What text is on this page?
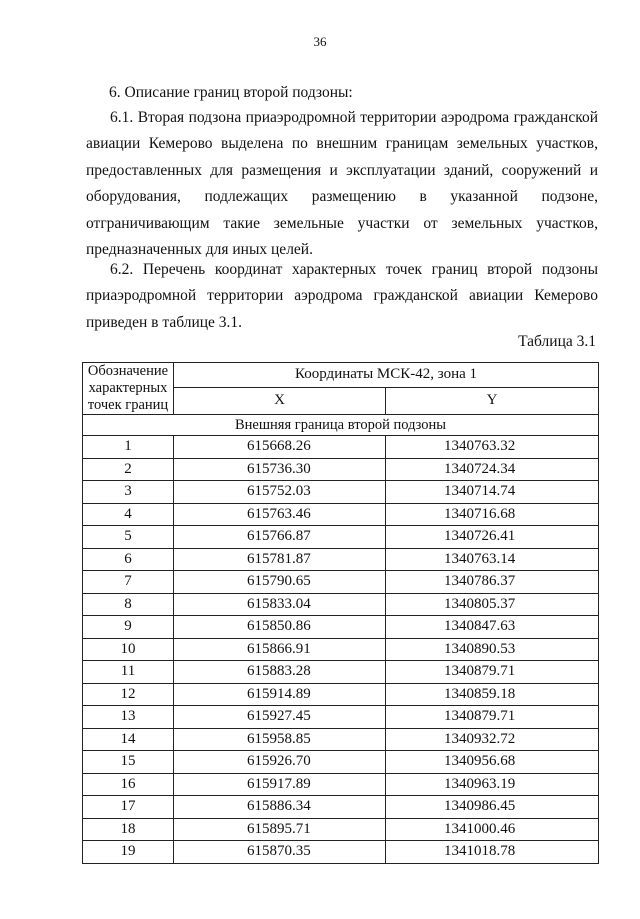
36
6. Описание границ второй подзоны:

6.1. Вторая подзона приаэродромной территории аэродрома гражданской авиации Кемерово выделена по внешним границам земельных участков, предоставленных для размещения и эксплуатации зданий, сооружений и оборудования, подлежащих размещению в указанной подзоне, отграничивающим такие земельные участки от земельных участков, предназначенных для иных целей.

6.2. Перечень координат характерных точек границ второй подзоны приаэродромной территории аэродрома гражданской авиации Кемерово приведен в таблице 3.1.

Таблица 3.1
Обозначение
характерных
точек границ	Координаты МСК-42, зона 1	
	X	Y
Внешняя граница второй подзоны		
1	615668.26	1340763.32
2	615736.30	1340724.34
3	615752.03	1340714.74
4	615763.46	1340716.68
5	615766.87	1340726.41
6	615781.87	1340763.14
7	615790.65	1340786.37
8	615833.04	1340805.37
9	615850.86	1340847.63
10	615866.91	1340890.53
11	615883.28	1340879.71
12	615914.89	1340859.18
13	615927.45	1340879.71
14	615958.85	1340932.72
15	615926.70	1340956.68
16	615917.89	1340963.19
17	615886.34	1340986.45
18	615895.71	1341000.46
19	615870.35	1341018.78
